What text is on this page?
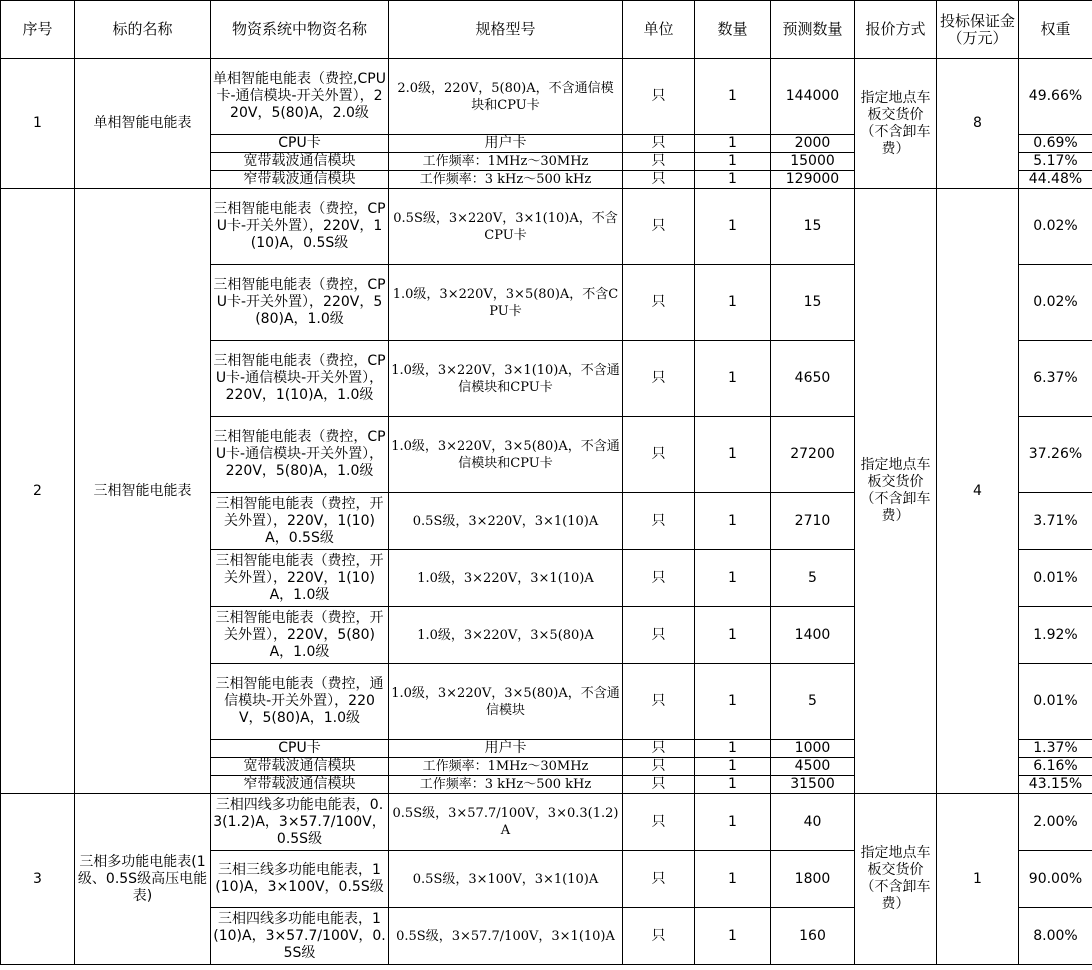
序号	标的名称	物资系统中物资名称	规格型号	单位	数量	预测数量	报价方式	投标保证金（万元）	权重
1	单相智能电能表	单相智能电能表（费控,CPU卡-通信模块-开关外置），220V，5(80)A，2.0级	2.0级，220V，5(80)A，不含通信模块和CPU卡	只	1	144000	指定地点车板交货价（不含卸车费）	8	49.66%
		CPU卡	用户卡	只	1	2000			0.69%
		宽带载波通信模块	工作频率：1MHz～30MHz	只	1	15000			5.17%
		窄带载波通信模块	工作频率：3 kHz～500 kHz	只	1	129000			44.48%
2	三相智能电能表	三相智能电能表（费控，CPU卡-开关外置），220V，1(10)A，0.5S级	0.5S级，3×220V，3×1(10)A，不含CPU卡	只	1	15	指定地点车板交货价（不含卸车费）	4	0.02%
		三相智能电能表（费控，CPU卡-开关外置），220V，5(80)A，1.0级	1.0级，3×220V，3×5(80)A，不含CPU卡	只	1	15			0.02%
		三相智能电能表（费控，CPU卡-通信模块-开关外置），220V，1(10)A，1.0级	1.0级，3×220V，3×1(10)A，不含通信模块和CPU卡	只	1	4650			6.37%
		三相智能电能表（费控，CPU卡-通信模块-开关外置），220V，5(80)A，1.0级	1.0级，3×220V，3×5(80)A，不含通信模块和CPU卡	只	1	27200			37.26%
		三相智能电能表（费控，开关外置），220V，1(10)A，0.5S级	0.5S级，3×220V，3×1(10)A	只	1	2710			3.71%
		三相智能电能表（费控，开关外置），220V，1(10)A，1.0级	1.0级，3×220V，3×1(10)A	只	1	5			0.01%
		三相智能电能表（费控，开关外置），220V，5(80)A，1.0级	1.0级，3×220V，3×5(80)A	只	1	1400			1.92%
		三相智能电能表（费控，通信模块-开关外置），220V，5(80)A，1.0级	1.0级，3×220V，3×5(80)A，不含通信模块	只	1	5			0.01%
		CPU卡	用户卡	只	1	1000			1.37%
		宽带载波通信模块	工作频率：1MHz～30MHz	只	1	4500			6.16%
		窄带载波通信模块	工作频率：3 kHz～500 kHz	只	1	31500			43.15%
3	三相多功能电能表(1级、0.5S级高压电能表)	三相四线多功能电能表，0.3(1.2)A，3×57.7/100V，0.5S级	0.5S级，3×57.7/100V，3×0.3(1.2)A	只	1	40	指定地点车板交货价（不含卸车费）	1	2.00%
		三相三线多功能电能表，1(10)A，3×100V，0.5S级	0.5S级，3×100V，3×1(10)A	只	1	1800			90.00%
		三相四线多功能电能表，1(10)A，3×57.7/100V，0.5S级	0.5S级，3×57.7/100V，3×1(10)A	只	1	160			8.00%
